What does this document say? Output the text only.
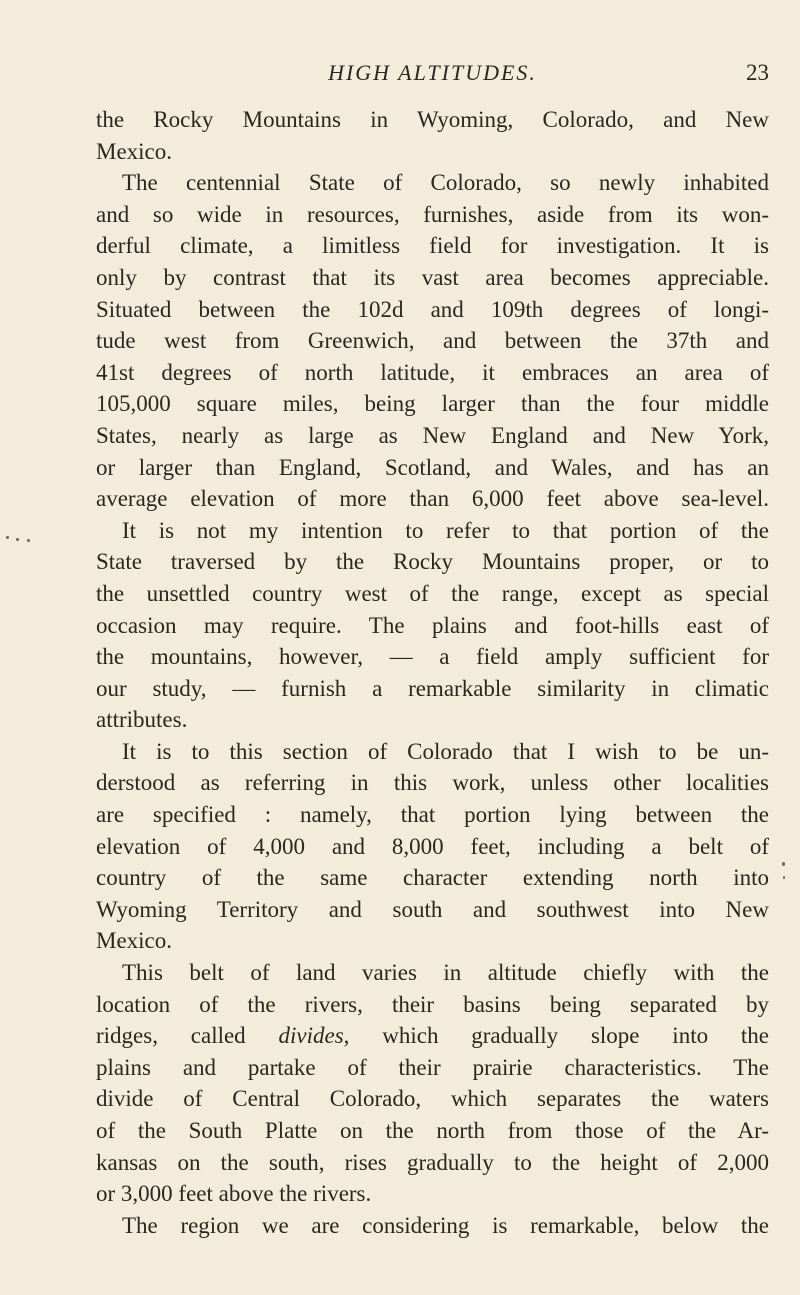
HIGH ALTITUDES.	23
the Rocky Mountains in Wyoming, Colorado, and New
Mexico.
The centennial State of Colorado, so newly inhabited
and so wide in resources, furnishes, aside from its won-
derful climate, a limitless field for investigation. It is
only by contrast that its vast area becomes appreciable.
Situated between the 102d and 109th degrees of longi-
tude west from Greenwich, and between the 37th and
41st degrees of north latitude, it embraces an area of
105,000 square miles, being larger than the four middle
States, nearly as large as New England and New York,
or larger than England, Scotland, and Wales, and has an
average elevation of more than 6,000 feet above sea-level.
It is not my intention to refer to that portion of the
State traversed by the Rocky Mountains proper, or to
the unsettled country west of the range, except as special
occasion may require. The plains and foot-hills east of
the mountains, however, — a field amply sufficient for
our study, — furnish a remarkable similarity in climatic
attributes.
It is to this section of Colorado that I wish to be un-
derstood as referring in this work, unless other localities
are specified : namely, that portion lying between the
elevation of 4,000 and 8,000 feet, including a belt of
country of the same character extending north into
Wyoming Territory and south and southwest into New
Mexico.
This belt of land varies in altitude chiefly with the
location of the rivers, their basins being separated by
ridges, called divides, which gradually slope into the
plains and partake of their prairie characteristics. The
divide of Central Colorado, which separates the waters
of the South Platte on the north from those of the Ar-
kansas on the south, rises gradually to the height of 2,000
or 3,000 feet above the rivers.
The region we are considering is remarkable, below the
